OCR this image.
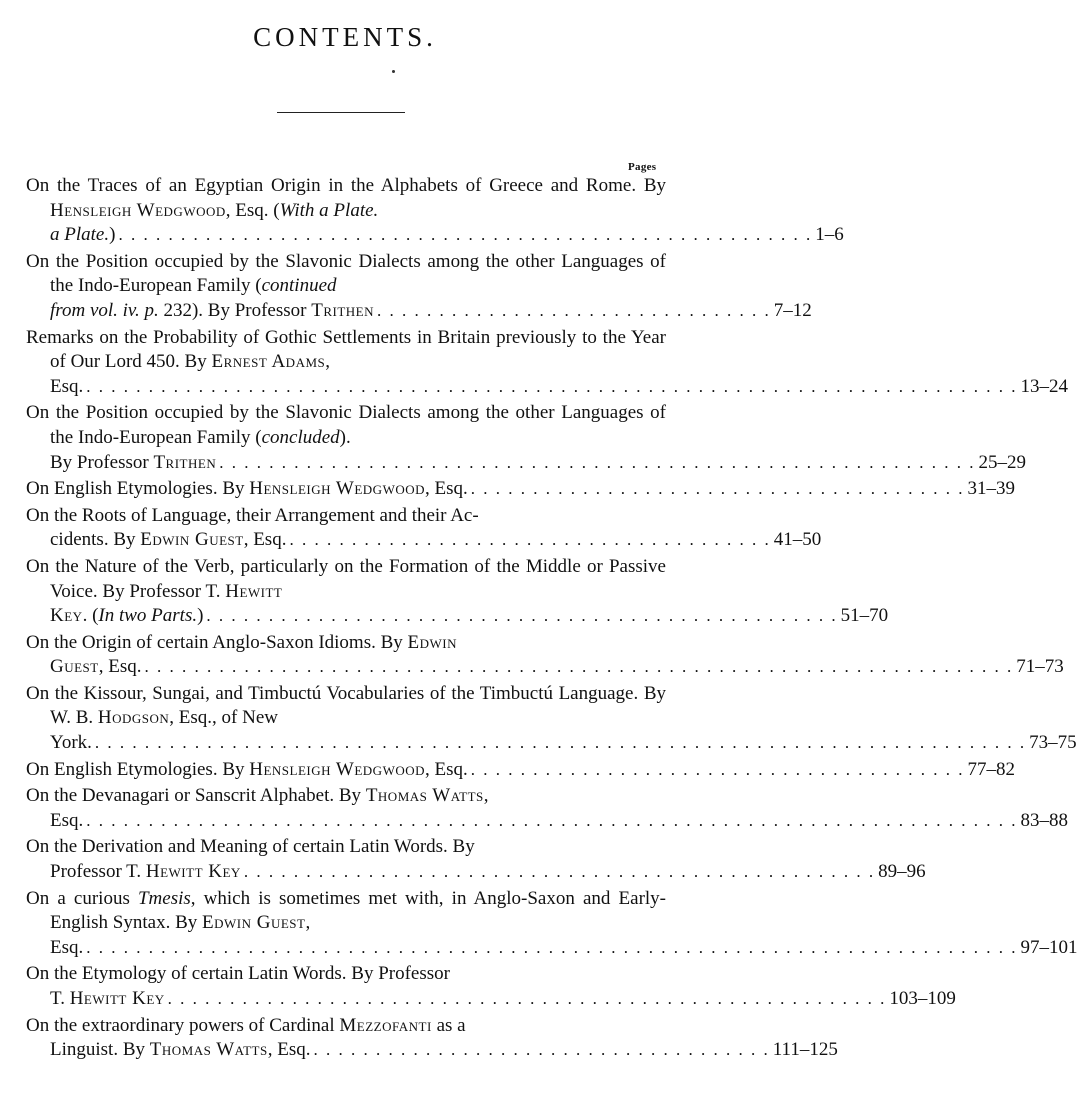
CONTENTS.
Pages
On the Traces of an Egyptian Origin in the Alphabets of Greece and Rome. By Hensleigh Wedgwood, Esq. (With a Plate.
a Plate.) . . . . . . . . . . . . . . . . . . . . . . . . . . . . . . . . . . . . . . . . . . . . . . . . . . . . . . . . 1–6
On the Position occupied by the Slavonic Dialects among the other Languages of the Indo-European Family (continued
from vol. iv. p. 232). By Professor Trithen . . . . . . . . . . . . . . . . . . . . . . . . . . . . . . . . 7–12
Remarks on the Probability of Gothic Settlements in Britain previously to the Year of Our Lord 450. By Ernest Adams,
Esq. . . . . . . . . . . . . . . . . . . . . . . . . . . . . . . . . . . . . . . . . . . . . . . . . . . . . . . . . . . . . . . . . . . . . . . . . . . . 13–24
On the Position occupied by the Slavonic Dialects among the other Languages of the Indo-European Family (concluded).
By Professor Trithen . . . . . . . . . . . . . . . . . . . . . . . . . . . . . . . . . . . . . . . . . . . . . . . . . . . . . . . . . . . . . 25–29
On English Etymologies. By Hensleigh Wedgwood, Esq. . . . . . . . . . . . . . . . . . . . . . . . . . . . . . . . . . . . . . . . . 31–39
On the Roots of Language, their Arrangement and their Ac-
cidents. By Edwin Guest, Esq. . . . . . . . . . . . . . . . . . . . . . . . . . . . . . . . . . . . . . . . 41–50
On the Nature of the Verb, particularly on the Formation of the Middle or Passive Voice. By Professor T. Hewitt
Key. (In two Parts.) . . . . . . . . . . . . . . . . . . . . . . . . . . . . . . . . . . . . . . . . . . . . . . . . . . . 51–70
On the Origin of certain Anglo-Saxon Idioms. By Edwin
Guest, Esq. . . . . . . . . . . . . . . . . . . . . . . . . . . . . . . . . . . . . . . . . . . . . . . . . . . . . . . . . . . . . . . . . . . . . . . 71–73
On the Kissour, Sungai, and Timbuctú Vocabularies of the Timbuctú Language. By W. B. Hodgson, Esq., of New
York. . . . . . . . . . . . . . . . . . . . . . . . . . . . . . . . . . . . . . . . . . . . . . . . . . . . . . . . . . . . . . . . . . . . . . . . . . . . 73–75
On English Etymologies. By Hensleigh Wedgwood, Esq. . . . . . . . . . . . . . . . . . . . . . . . . . . . . . . . . . . . . . . . . 77–82
On the Devanagari or Sanscrit Alphabet. By Thomas Watts,
Esq. . . . . . . . . . . . . . . . . . . . . . . . . . . . . . . . . . . . . . . . . . . . . . . . . . . . . . . . . . . . . . . . . . . . . . . . . . . . 83–88
On the Derivation and Meaning of certain Latin Words. By
Professor T. Hewitt Key . . . . . . . . . . . . . . . . . . . . . . . . . . . . . . . . . . . . . . . . . . . . . . . . . . . 89–96
On a curious Tmesis, which is sometimes met with, in Anglo-Saxon and Early-English Syntax. By Edwin Guest,
Esq. . . . . . . . . . . . . . . . . . . . . . . . . . . . . . . . . . . . . . . . . . . . . . . . . . . . . . . . . . . . . . . . . . . . . . . . . . . . 97–101
On the Etymology of certain Latin Words. By Professor
T. Hewitt Key . . . . . . . . . . . . . . . . . . . . . . . . . . . . . . . . . . . . . . . . . . . . . . . . . . . . . . . . . . 103–109
On the extraordinary powers of Cardinal Mezzofanti as a
Linguist. By Thomas Watts, Esq. . . . . . . . . . . . . . . . . . . . . . . . . . . . . . . . . . . . . . 111–125
